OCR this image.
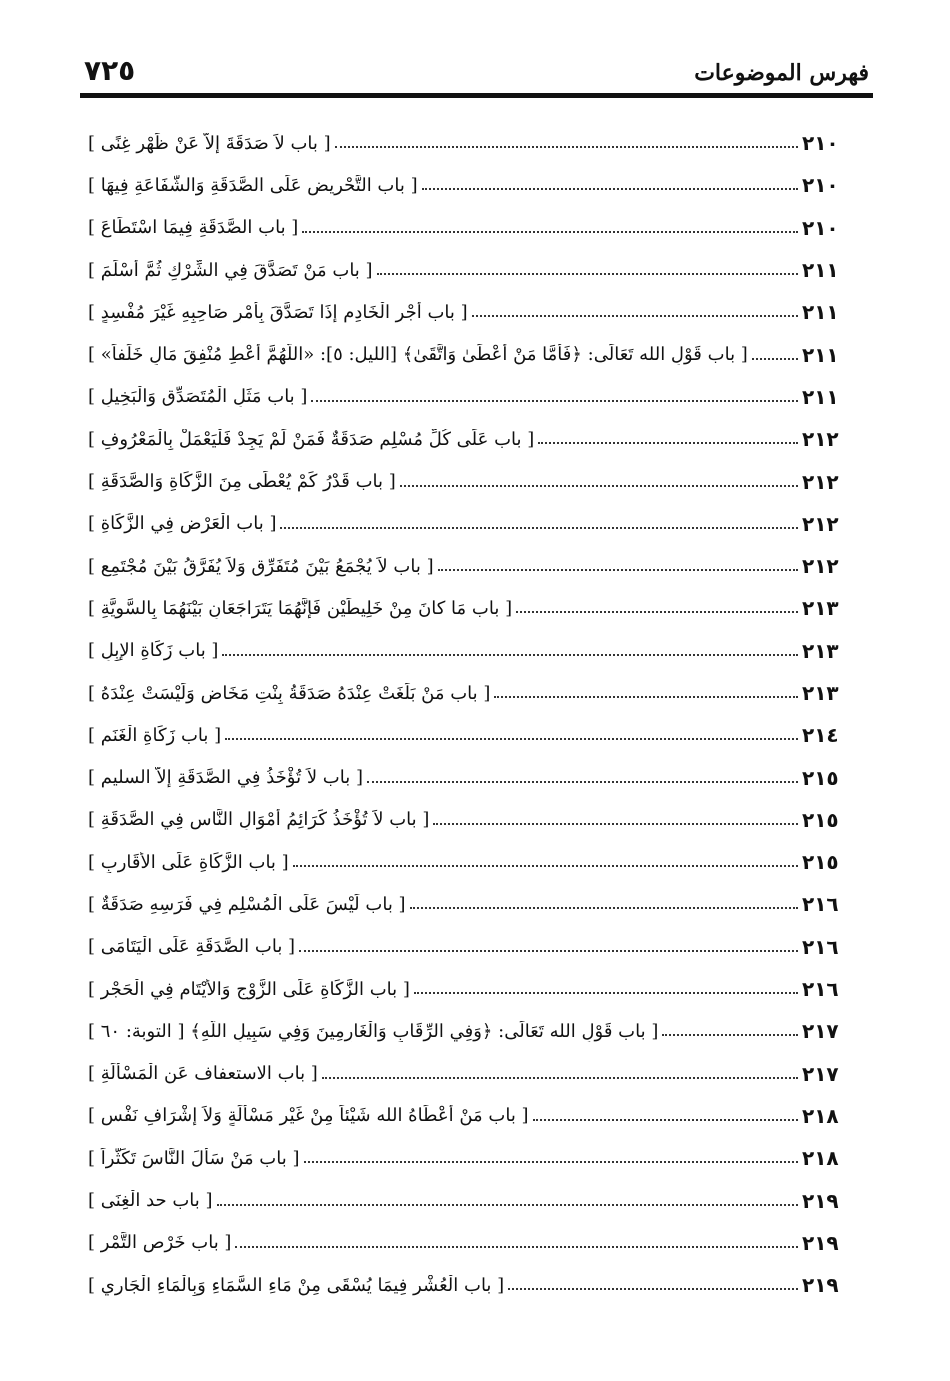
٧٢٥	فهرس الموضوعات
[ باب لاَ صَدَقَةَ إلاَّ عَنْ ظَهْرِ غِنًى ]	٢١٠
[ باب التَّحْرِيضِ عَلَى الصَّدَقَةِ وَالشَّفَاعَةِ فِيهَا ]	٢١٠
[ باب الصَّدَقَةِ فِيمَا اسْتَطَاعَ ]	٢١٠
[ باب مَنْ تَصَدَّقَ فِي الشِّرْكِ ثُمَّ أَسْلَمَ ]	٢١١
[ باب أَجْرِ الْخَادِمِ إِذَا تَصَدَّقَ بِأَمْرِ صَاحِبِهِ غَيْرَ مُفْسِدٍ ]	٢١١
[ باب قَوْلِ الله تَعَالَى: ﴿فَأَمَّا مَنْ أَعْطَىٰ وَاتَّقَىٰ﴾ [الليل: ٥]: «اللَّهُمَّ أَعْطِ مُنْفِقَ مَالٍ خَلَفاً» ]	٢١١
[ باب مَثَلِ الْمُتَصَدِّقِ وَالْبَخِيلِ ]	٢١١
[ باب عَلَى كُلِّ مُسْلِمٍ صَدَقَةٌ فَمَنْ لَمْ يَجِدْ فَلْيَعْمَلْ بِالْمَعْرُوفِ ]	٢١٢
[ باب قَدْرُ كَمْ يُعْطَى مِنَ الزَّكَاةِ وَالصَّدَقَةِ ]	٢١٢
[ باب الْعَرْضِ فِي الزَّكَاةِ ]	٢١٢
[ باب لاَ يُجْمَعُ بَيْنَ مُتَفَرِّقٍ وَلاَ يُفَرَّقُ بَيْنَ مُجْتَمِعٍ ]	٢١٢
[ باب مَا كانَ مِنْ خَلِيطَيْنِ فَإِنَّهُمَا يَتَرَاجَعَانِ بَيْنَهُمَا بِالسَّوِيَّةِ ]	٢١٣
[ باب زَكَاةِ الإِبِلِ ]	٢١٣
[ باب مَنْ بَلَغَتْ عِنْدَهُ صَدَقَةُ بِنْتِ مَخَاضٍ وَلَيْسَتْ عِنْدَهُ ]	٢١٣
[ باب زَكَاةِ الْغَنَمِ ]	٢١٤
[ باب لاَ تُؤْخَذُ فِي الصَّدَقَةِ إلاَّ السليم ]	٢١٥
[ باب لاَ تُؤْخَذُ كَرَائِمُ أَمْوَالِ النَّاسِ فِي الصَّدَقَةِ ]	٢١٥
[ باب الزَّكَاةِ عَلَى الأَقَارِبِ ]	٢١٥
[ باب لَيْسَ عَلَى الْمُسْلِمِ فِي فَرَسِهِ صَدَقَةٌ ]	٢١٦
[ باب الصَّدَقَةِ عَلَى الْيَتَامَى ]	٢١٦
[ باب الزَّكَاةِ عَلَى الزَّوْجِ وَالأَيْتَامِ فِي الْحَجْرِ ]	٢١٦
[ باب قَوْلِ الله تَعَالَى: ﴿وَفِي الرِّقَابِ وَالْغَارِمِينَ وَفِي سَبِيلِ اللَّهِ﴾ [ التوبة: ٦٠ ]	٢١٧
[ باب الاستعفاف عَنِ الْمَسْأَلَةِ ]	٢١٧
[ باب مَنْ أَعْطَاهُ الله شَيْئاً مِنْ غَيْرِ مَسْأَلَةٍ وَلاَ إِشْرَافِ نَفْسٍ ]	٢١٨
[ باب مَنْ سَأَلَ النَّاسَ تَكَثُّراً ]	٢١٨
[ باب حد الْغِنَى ]	٢١٩
[ باب خَرْصِ التَّمْرِ ]	٢١٩
[ باب الْعُشْرِ فِيمَا يُسْقَى مِنْ مَاءِ السَّمَاءِ وَبِالْمَاءِ الْجَارِي ]	٢١٩
